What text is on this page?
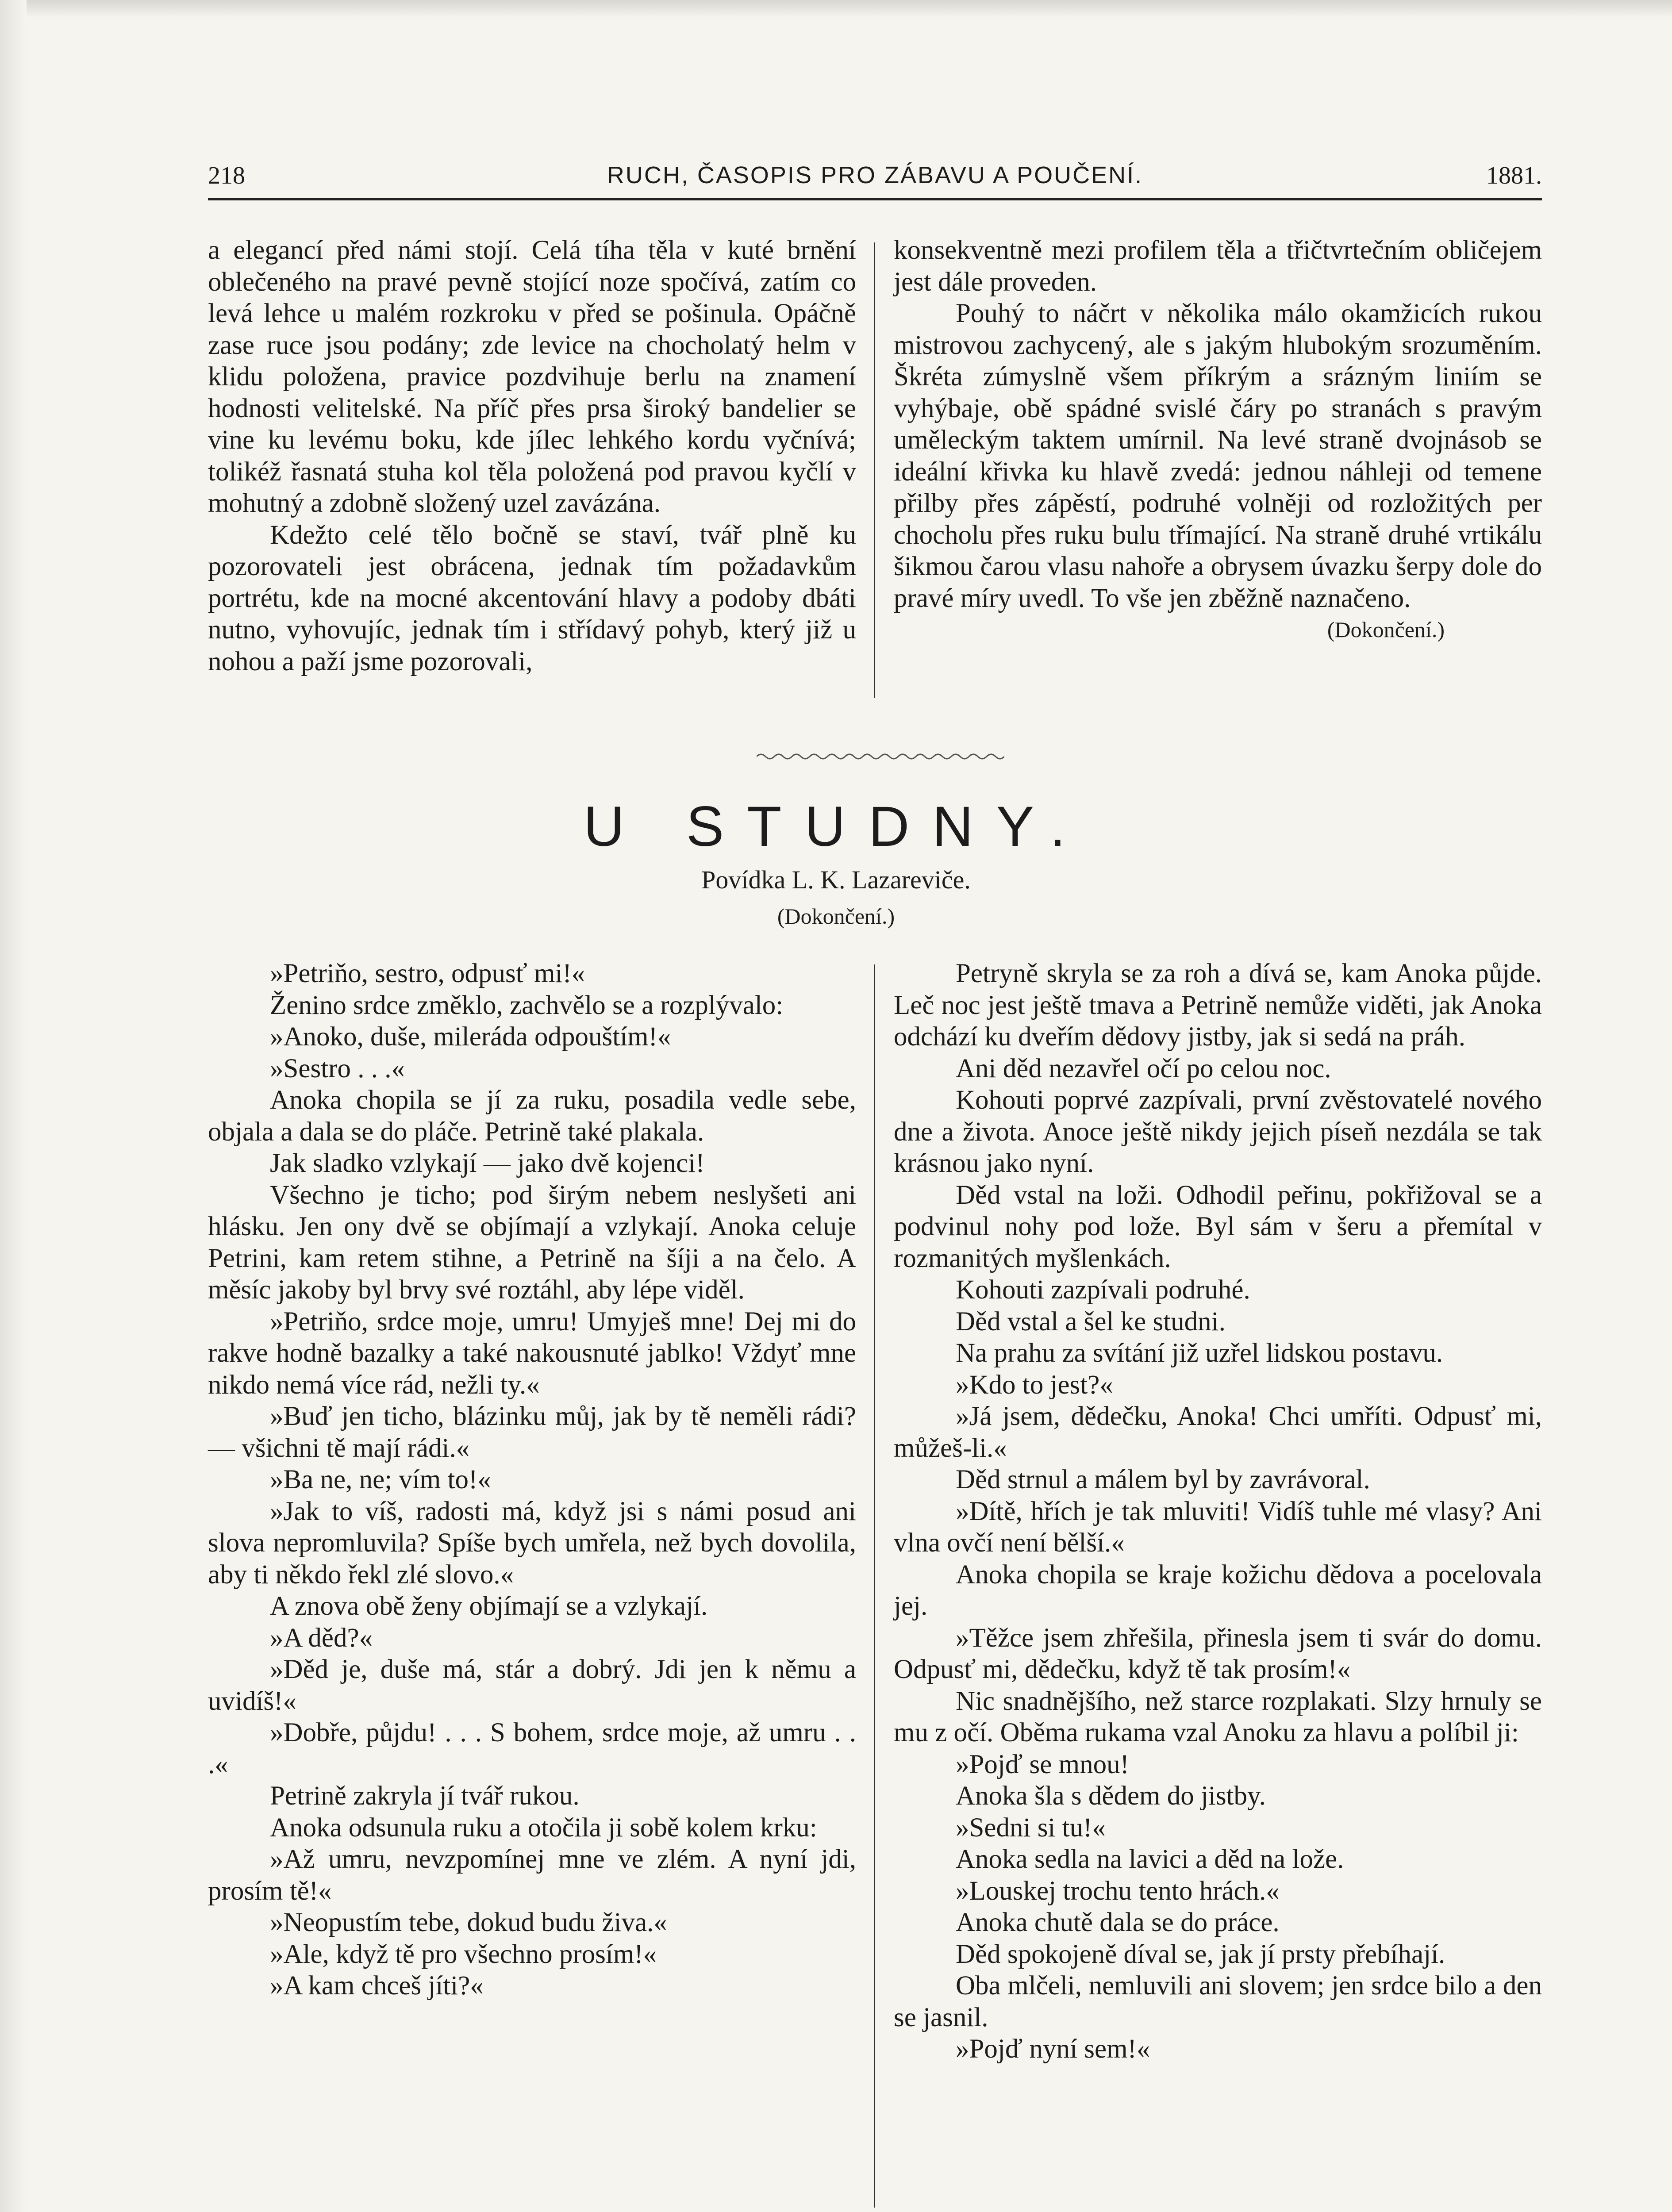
218	RUCH, ČASOPIS PRO ZÁBAVU A POUČENÍ.	1881.

a elegancí před námi stojí. Celá tíha těla v kuté brnění oblečeného na pravé pevně stojící noze spočívá, zatím co levá lehce u malém rozkroku v před se pošinula. Opáčně zase ruce jsou podány; zde levice na chocholatý helm v klidu položena, pravice pozdvihuje berlu na znamení hodnosti velitelské. Na příč přes prsa široký bandelier se vine ku levému boku, kde jílec lehkého kordu vyčnívá; tolikéž řasnatá stuha kol těla položená pod pravou kyčlí v mohutný a zdobně složený uzel zavázána.

Kdežto celé tělo bočně se staví, tvář plně ku pozorovateli jest obrácena, jednak tím požadavkům portrétu, kde na mocné akcentování hlavy a podoby dbáti nutno, vyhovujíc, jednak tím i střídavý pohyb, který již u nohou a paží jsme pozorovali,

konsekventně mezi profilem těla a třičtvrtečním obličejem jest dále proveden.

Pouhý to náčrt v několika málo okamžicích rukou mistrovou zachycený, ale s jakým hlubokým srozuměním. Škréta zúmyslně všem příkrým a srázným liniím se vyhýbaje, obě spádné svislé čáry po stranách s pravým uměleckým taktem umírnil. Na levé straně dvojnásob se ideální křivka ku hlavě zvedá: jednou náhleji od temene přilby přes zápěstí, podruhé volněji od rozložitých per chocholu přes ruku bulu třímající. Na straně druhé vrtikálu šikmou čarou vlasu nahoře a obrysem úvazku šerpy dole do pravé míry uvedl. To vše jen zběžně naznačeno.

(Dokončení.)

U STUDNY.
Povídka L. K. Lazareviče.
(Dokončení.)

»Petriňo, sestro, odpusť mi!«

Ženino srdce změklo, zachvělo se a rozplývalo:

»Anoko, duše, mileráda odpouštím!«

»Sestro . . .«

Anoka chopila se jí za ruku, posadila vedle sebe, objala a dala se do pláče. Petrině také plakala.

Jak sladko vzlykají — jako dvě kojenci!

Všechno je ticho; pod širým nebem neslyšeti ani hlásku. Jen ony dvě se objímají a vzlykají. Anoka celuje Petrini, kam retem stihne, a Petrině na šíji a na čelo. A měsíc jakoby byl brvy své roztáhl, aby lépe viděl.

»Petriňo, srdce moje, umru! Umyješ mne! Dej mi do rakve hodně bazalky a také nakousnuté jablko! Vždyť mne nikdo nemá více rád, nežli ty.«

»Buď jen ticho, blázinku můj, jak by tě neměli rádi? — všichni tě mají rádi.«

»Ba ne, ne; vím to!«

»Jak to víš, radosti má, když jsi s námi posud ani slova nepromluvila? Spíše bych umřela, než bych dovolila, aby ti někdo řekl zlé slovo.«

A znova obě ženy objímají se a vzlykají.

»A děd?«

»Děd je, duše má, stár a dobrý. Jdi jen k němu a uvidíš!«

»Dobře, půjdu! . . . S bohem, srdce moje, až umru . . .«

Petrině zakryla jí tvář rukou.

Anoka odsunula ruku a otočila ji sobě kolem krku:

»Až umru, nevzpomínej mne ve zlém. A nyní jdi, prosím tě!«

»Neopustím tebe, dokud budu živa.«

»Ale, když tě pro všechno prosím!«

»A kam chceš jíti?«

Petryně skryla se za roh a dívá se, kam Anoka půjde. Leč noc jest ještě tmava a Petrině nemůže viděti, jak Anoka odchází ku dveřím dědovy jistby, jak si sedá na práh.

Ani děd nezavřel očí po celou noc.

Kohouti poprvé zazpívali, první zvěstovatelé nového dne a života. Anoce ještě nikdy jejich píseň nezdála se tak krásnou jako nyní.

Děd vstal na loži. Odhodil peřinu, pokřižoval se a podvinul nohy pod lože. Byl sám v šeru a přemítal v rozmanitých myšlenkách.

Kohouti zazpívali podruhé.

Děd vstal a šel ke studni.

Na prahu za svítání již uzřel lidskou postavu.

»Kdo to jest?«

»Já jsem, dědečku, Anoka! Chci umříti. Odpusť mi, můžeš-li.«

Děd strnul a málem byl by zavrávoral.

»Dítě, hřích je tak mluviti! Vidíš tuhle mé vlasy? Ani vlna ovčí není bělší.«

Anoka chopila se kraje kožichu dědova a pocelovala jej.

»Těžce jsem zhřešila, přinesla jsem ti svár do domu. Odpusť mi, dědečku, když tě tak prosím!«

Nic snadnějšího, než starce rozplakati. Slzy hrnuly se mu z očí. Oběma rukama vzal Anoku za hlavu a políbil ji:

»Pojď se mnou!

Anoka šla s dědem do jistby.

»Sedni si tu!«

Anoka sedla na lavici a děd na lože.

»Louskej trochu tento hrách.«

Anoka chutě dala se do práce.

Děd spokojeně díval se, jak jí prsty přebíhají.

Oba mlčeli, nemluvili ani slovem; jen srdce bilo a den se jasnil.

»Pojď nyní sem!«
